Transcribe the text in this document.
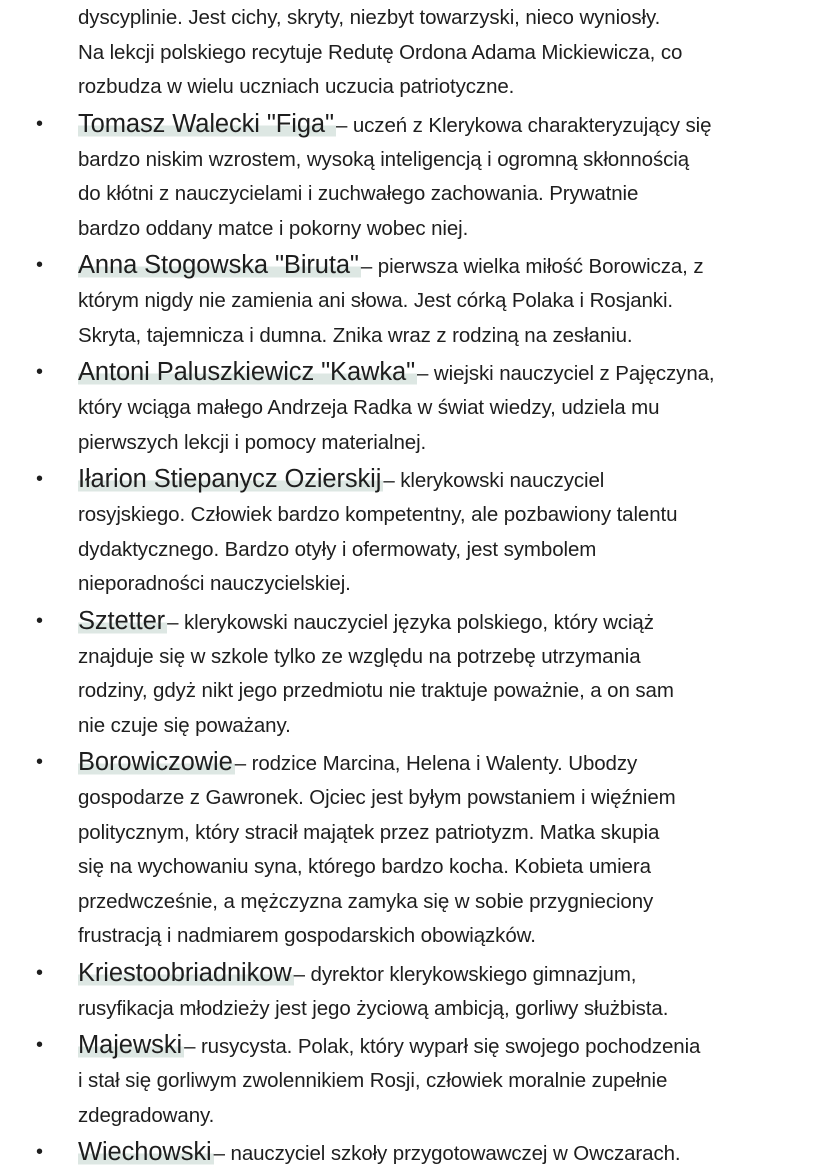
dyscyplinie. Jest cichy, skryty, niezbyt towarzyski, nieco wyniosły.
Na lekcji polskiego recytuje Redutę Ordona Adama Mickiewicza, co
rozbudza w wielu uczniach uczucia patriotyczne.
• Tomasz Walecki "Figa"– uczeń z Klerykowa charakteryzujący się
bardzo niskim wzrostem, wysoką inteligencją i ogromną skłonnością
do kłótni z nauczycielami i zuchwałego zachowania. Prywatnie
bardzo oddany matce i pokorny wobec niej.
• Anna Stogowska "Biruta"– pierwsza wielka miłość Borowicza, z
którym nigdy nie zamienia ani słowa. Jest córką Polaka i Rosjanki.
Skryta, tajemnicza i dumna. Znika wraz z rodziną na zesłaniu.
• Antoni Paluszkiewicz "Kawka"– wiejski nauczyciel z Pajęczyna,
który wciąga małego Andrzeja Radka w świat wiedzy, udziela mu
pierwszych lekcji i pomocy materialnej.
• Iłarion Stiepanycz Ozierskij– klerykowski nauczyciel
rosyjskiego. Człowiek bardzo kompetentny, ale pozbawiony talentu
dydaktycznego. Bardzo otyły i ofermowaty, jest symbolem
nieporadności nauczycielskiej.
• Sztetter– klerykowski nauczyciel języka polskiego, który wciąż
znajduje się w szkole tylko ze względu na potrzebę utrzymania
rodziny, gdyż nikt jego przedmiotu nie traktuje poważnie, a on sam
nie czuje się poważany.
• Borowiczowie– rodzice Marcina, Helena i Walenty. Ubodzy
gospodarze z Gawronek. Ojciec jest byłym powstaniem i więźniem
politycznym, który stracił majątek przez patriotyzm. Matka skupia
się na wychowaniu syna, którego bardzo kocha. Kobieta umiera
przedwcześnie, a mężczyzna zamyka się w sobie przygnieciony
frustracją i nadmiarem gospodarskich obowiązków.
• Kriestoobriadnikow– dyrektor klerykowskiego gimnazjum,
rusyfikacja młodzieży jest jego życiową ambicją, gorliwy służbista.
• Majewski– rusycysta. Polak, który wyparł się swojego pochodzenia
i stał się gorliwym zwolennikiem Rosji, człowiek moralnie zupełnie
zdegradowany.
• Wiechowski– nauczyciel szkoły przygotowawczej w Owczarach.
